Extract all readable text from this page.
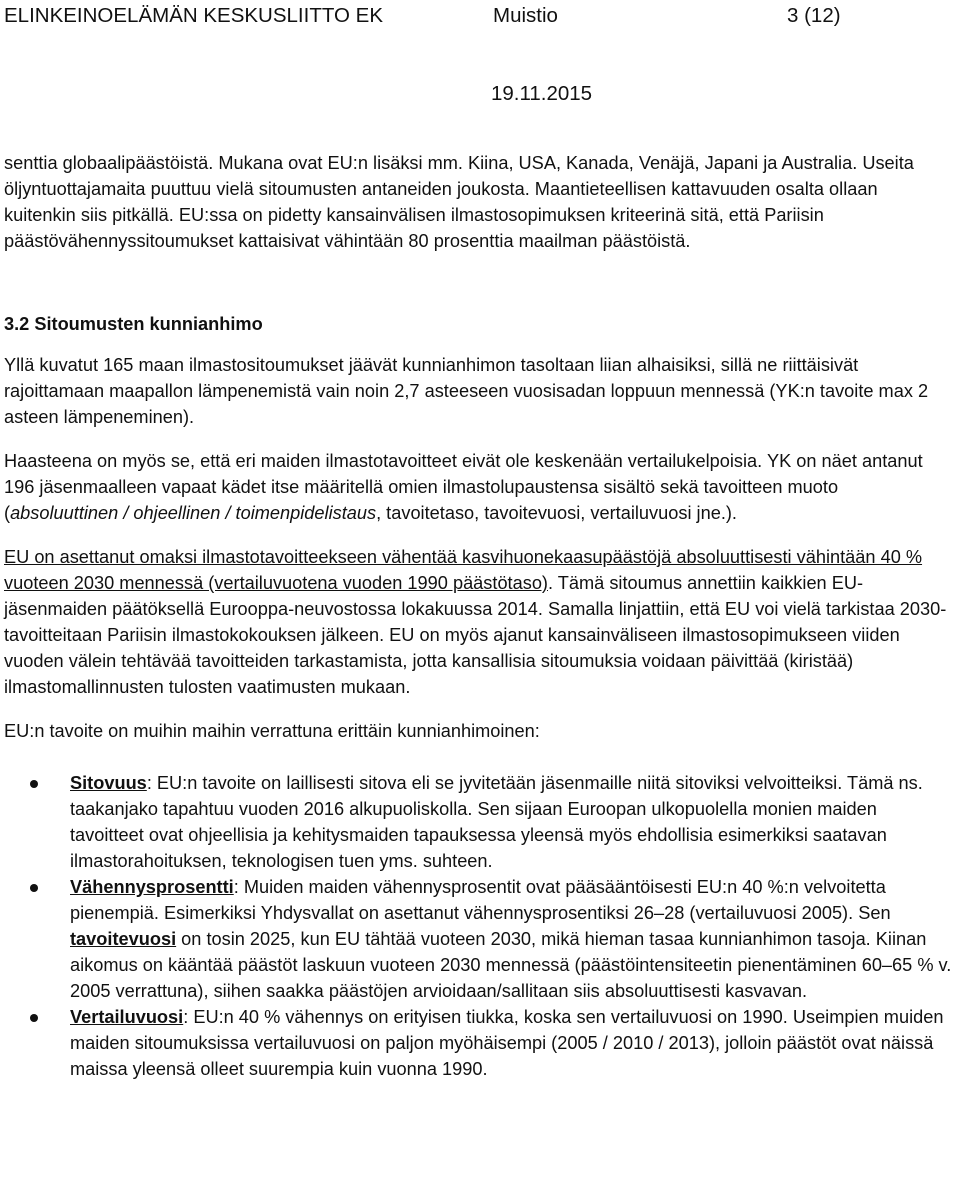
ELINKEINOELÄMÄN KESKUSLIITTO EK	Muistio	3 (12)
19.11.2015

senttia globaalipäästöistä. Mukana ovat EU:n lisäksi mm. Kiina, USA, Kanada, Venäjä, Japani ja Australia. Useita öljyntuottajamaita puuttuu vielä sitoumusten antaneiden joukosta. Maantieteellisen kattavuuden osalta ollaan kuitenkin siis pitkällä. EU:ssa on pidetty kansainvälisen ilmastosopimuksen kriteerinä sitä, että Pariisin päästövähennyssitoumukset kattaisivat vähintään 80 prosenttia maailman päästöistä.

3.2 Sitoumusten kunnianhimo

Yllä kuvatut 165 maan ilmastositoumukset jäävät kunnianhimon tasoltaan liian alhaisiksi, sillä ne riittäisivät rajoittamaan maapallon lämpenemistä vain noin 2,7 asteeseen vuosisadan loppuun mennessä (YK:n tavoite max 2 asteen lämpeneminen).

Haasteena on myös se, että eri maiden ilmastotavoitteet eivät ole keskenään vertailukelpoisia. YK on näet antanut 196 jäsenmaalleen vapaat kädet itse määritellä omien ilmastolupaustensa sisältö sekä tavoitteen muoto (absoluuttinen / ohjeellinen / toimenpidelistaus, tavoitetaso, tavoitevuosi, vertailuvuosi jne.).

EU on asettanut omaksi ilmastotavoitteekseen vähentää kasvihuonekaasupäästöjä absoluuttisesti vähintään 40 % vuoteen 2030 mennessä (vertailuvuotena vuoden 1990 päästötaso). Tämä sitoumus annettiin kaikkien EU-jäsenmaiden päätöksellä Eurooppa-neuvostossa lokakuussa 2014. Samalla linjattiin, että EU voi vielä tarkistaa 2030-tavoitteitaan Pariisin ilmastokokouksen jälkeen. EU on myös ajanut kansainväliseen ilmastosopimukseen viiden vuoden välein tehtävää tavoitteiden tarkastamista, jotta kansallisia sitoumuksia voidaan päivittää (kiristää) ilmastomallinnusten tulosten vaatimusten mukaan.

EU:n tavoite on muihin maihin verrattuna erittäin kunnianhimoinen:

Sitovuus: EU:n tavoite on laillisesti sitova eli se jyvitetään jäsenmaille niitä sitoviksi velvoitteiksi. Tämä ns. taakanjako tapahtuu vuoden 2016 alkupuoliskolla. Sen sijaan Euroopan ulkopuolella monien maiden tavoitteet ovat ohjeellisia ja kehitysmaiden tapauksessa yleensä myös ehdollisia esimerkiksi saatavan ilmastorahoituksen, teknologisen tuen yms. suhteen.
Vähennysprosentti: Muiden maiden vähennysprosentit ovat pääsääntöisesti EU:n 40 %:n velvoitetta pienempiä. Esimerkiksi Yhdysvallat on asettanut vähennysprosentiksi 26–28 (vertailuvuosi 2005). Sen tavoitevuosi on tosin 2025, kun EU tähtää vuoteen 2030, mikä hieman tasaa kunnianhimon tasoja. Kiinan aikomus on kääntää päästöt laskuun vuoteen 2030 mennessä (päästöintensiteetin pienentäminen 60–65 % v. 2005 verrattuna), siihen saakka päästöjen arvioidaan/sallitaan siis absoluuttisesti kasvavan.
Vertailuvuosi: EU:n 40 % vähennys on erityisen tiukka, koska sen vertailuvuosi on 1990. Useimpien muiden maiden sitoumuksissa vertailuvuosi on paljon myöhäisempi (2005 / 2010 / 2013), jolloin päästöt ovat näissä maissa yleensä olleet suurempia kuin vuonna 1990.
